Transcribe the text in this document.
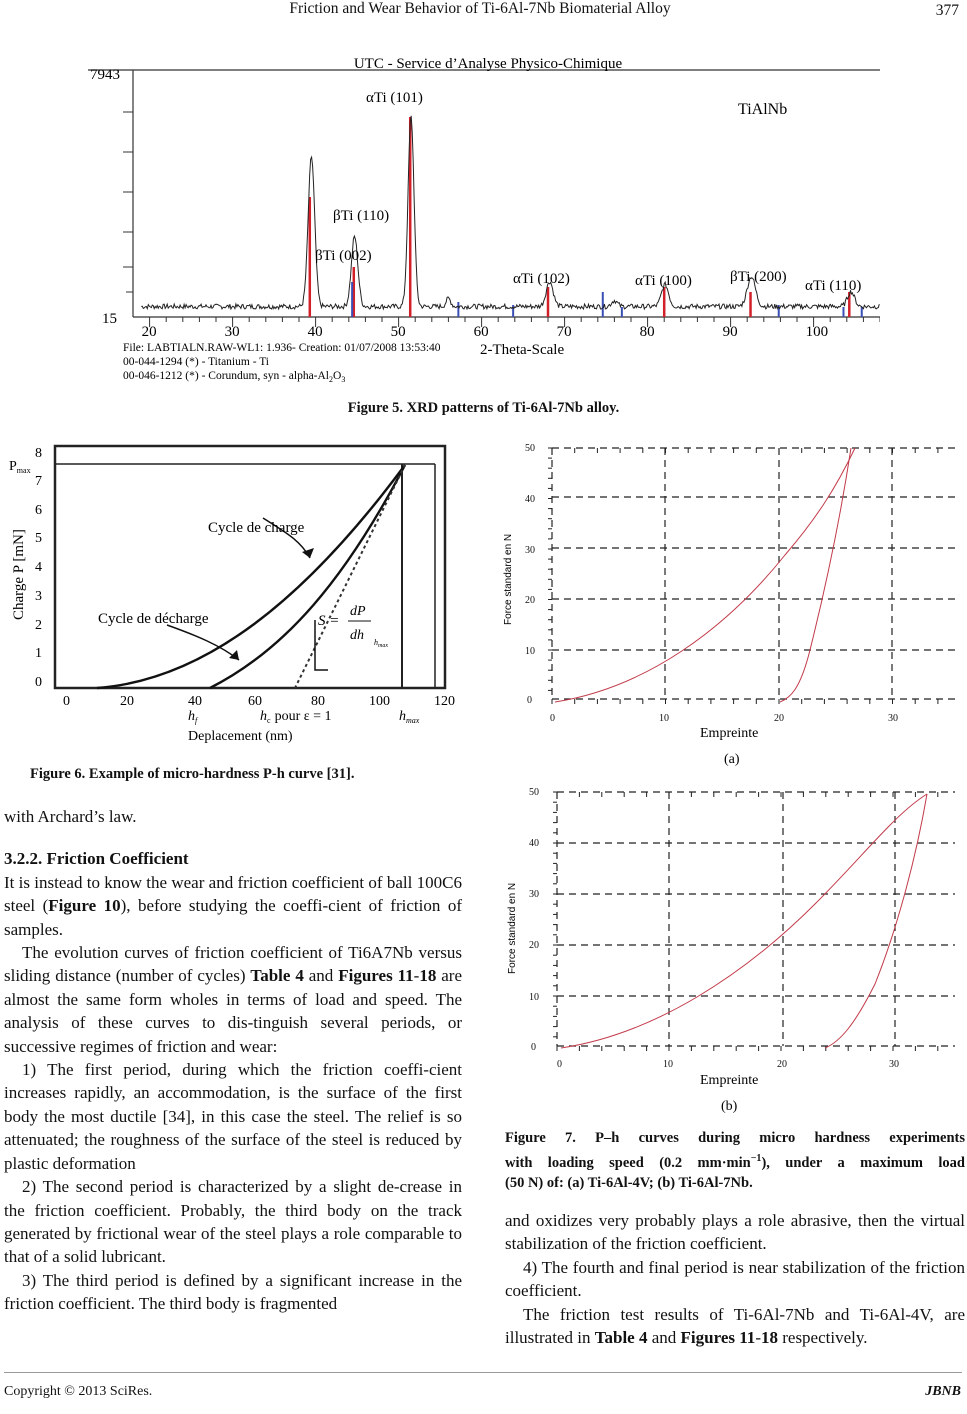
Friction and Wear Behavior of Ti-6Al-7Nb Biomaterial Alloy	377
7943
15
UTC - Service d’Analyse Physico-Chimique
TiAlNb
20	30	40	50	60	70	80	90	100
2-Theta-Scale
File: LABTIALN.RAW-WL1: 1.936- Creation: 01/07/2008 13:53:40
00-044-1294 (*) - Titanium - Ti
00-046-1212 (*) - Corundum, syn - alpha-$Al_2O_3$
βTi (002)
βTi (110)
αTi (101)
αTi (102)	αTi (100)	βTi (200)
αTi (110)
Figure 5. XRD patterns of Ti-6Al-7Nb alloy.
8
7
6
5
4
3
2
1
0
$P_{max}$
Charge P [mN]
0	20	40	60	80	100	120
Cycle de charge
Cycle de décharge	S =
dP
dh $h_{max}$
$h_f$	$h_c$ pour ε = 1	$h_{max}$
Deplacement (nm)
Figure 6. Example of micro-hardness P-h curve [31].
0
10
20
30
40
50
0	10	20	30
Force standard en N
Empreinte
(a)
0
10
20
30
40
50
0	10	20	30
Force standard en N
Empreinte
(b)
Figure 7. P–h curves during micro hardness experiments
with loading speed (0.2 $mm\cdot\min^{-1}$), under a maximum load
(50 N) of: (a) Ti-6Al-4V; (b) Ti-6Al-7Nb.

with Archard’s law.

3.2.2. Friction Coefficient

It is instead to know the wear and friction coefficient of ball 100C6 steel (Figure 10), before studying the coeffi-cient of friction of samples.

The evolution curves of friction coefficient of Ti6A7Nb versus sliding distance (number of cycles) Table 4 and Figures 11-18 are almost the same form wholes in terms of load and speed. The analysis of these curves to dis-tinguish several periods, or successive regimes of friction and wear:

1) The first period, during which the friction coeffi-cient increases rapidly, an accommodation, is the surface of the first body the most ductile [34], in this case the steel. The relief is so attenuated; the roughness of the surface of the steel is reduced by plastic deformation

2) The second period is characterized by a slight de-crease in the friction coefficient. Probably, the third body on the track generated by frictional wear of the steel plays a role comparable to that of a solid lubricant.

3) The third period is defined by a significant increase in the friction coefficient. The third body is fragmented

and oxidizes very probably plays a role abrasive, then the virtual stabilization of the friction coefficient.

4) The fourth and final period is near stabilization of the friction coefficient.

The friction test results of Ti-6Al-7Nb and Ti-6Al-4V, are illustrated in Table 4 and Figures 11-18 respectively.

Copyright © 2013 SciRes.	JBNB
